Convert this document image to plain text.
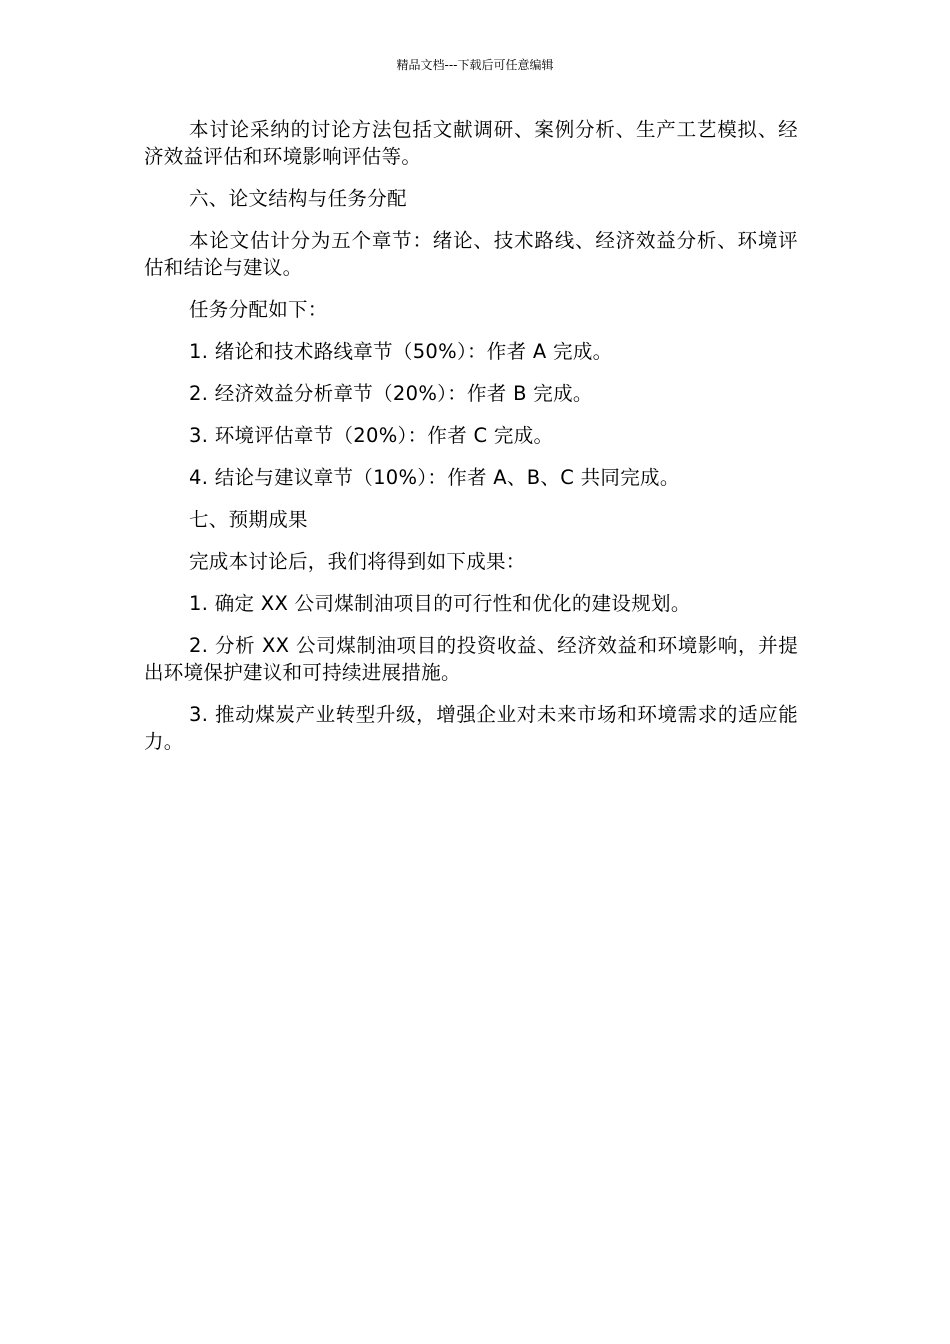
精品文档---下载后可任意编辑

本讨论采纳的讨论方法包括文献调研、案例分析、生产工艺模拟、经济效益评估和环境影响评估等。

六、论文结构与任务分配

本论文估计分为五个章节：绪论、技术路线、经济效益分析、环境评估和结论与建议。

任务分配如下：

1. 绪论和技术路线章节（50%）：作者 A 完成。

2. 经济效益分析章节（20%）：作者 B 完成。

3. 环境评估章节（20%）：作者 C 完成。

4. 结论与建议章节（10%）：作者 A、B、C 共同完成。

七、预期成果

完成本讨论后，我们将得到如下成果：

1. 确定 XX 公司煤制油项目的可行性和优化的建设规划。

2. 分析 XX 公司煤制油项目的投资收益、经济效益和环境影响，并提出环境保护建议和可持续进展措施。

3. 推动煤炭产业转型升级，增强企业对未来市场和环境需求的适应能力。
